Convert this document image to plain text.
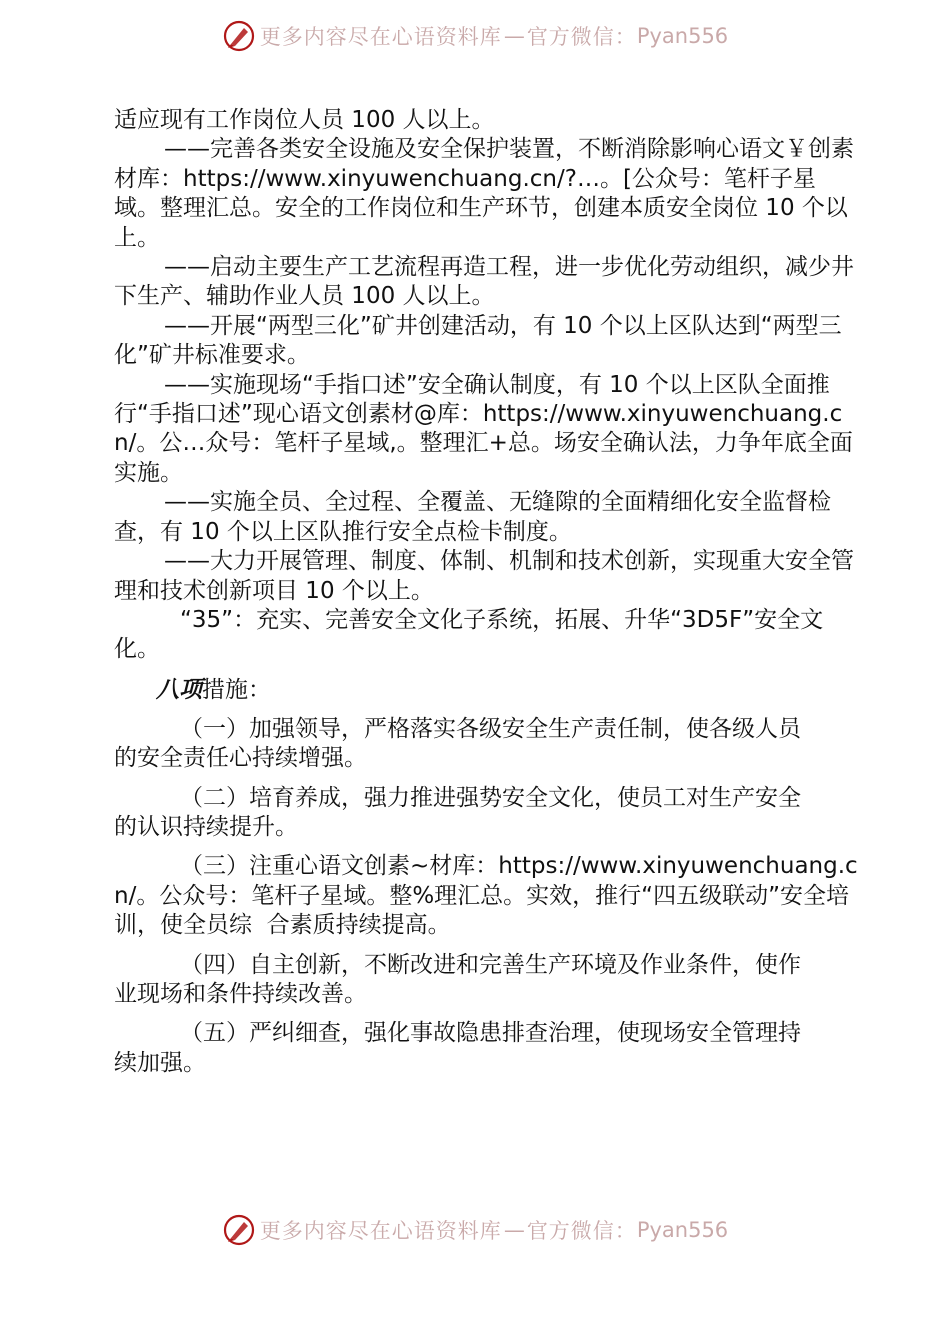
更多内容尽在心语资料库 — 官方微信： Pyan556

适应现有工作岗位人员 100 人以上。

——完善各类安全设施及安全保护装置，不断消除影响心语文￥创素材库：https://www.xinyuwenchuang.cn/?…。[公众号：笔杆子星域。整理汇总。安全的工作岗位和生产环节，创建本质安全岗位 10 个以上。

——启动主要生产工艺流程再造工程，进一步优化劳动组织，减少井下生产、辅助作业人员 100 人以上。

——开展“两型三化”矿井创建活动，有 10 个以上区队达到“两型三化”矿井标准要求。

——实施现场“手指口述”安全确认制度，有 10 个以上区队全面推行“手指口述”现心语文创素材@库：https://www.xinyuwenchuang.cn/。公…众号：笔杆子星域,。整理汇+总。场安全确认法，力争年底全面实施。

——实施全员、全过程、全覆盖、无缝隙的全面精细化安全监督检查，有 10 个以上区队推行安全点检卡制度。

——大力开展管理、制度、体制、机制和技术创新，实现重大安全管理和技术创新项目 10 个以上。

“35”：充实、完善安全文化子系统，拓展、升华“3D5F”安全文化。

八项措施：

（一）加强领导，严格落实各级安全生产责任制，使各级人员的安全责任心持续增强。

（二）培育养成，强力推进强势安全文化，使员工对生产安全的认识持续提升。

（三）注重心语文创素~材库：https://www.xinyuwenchuang.cn/。公众号：笔杆子星域。整%理汇总。实效，推行“四五级联动”安全培训，使全员综  合素质持续提高。

（四）自主创新，不断改进和完善生产环境及作业条件，使作业现场和条件持续改善。

（五）严纠细查，强化事故隐患排查治理，使现场安全管理持续加强。

更多内容尽在心语资料库 — 官方微信： Pyan556
